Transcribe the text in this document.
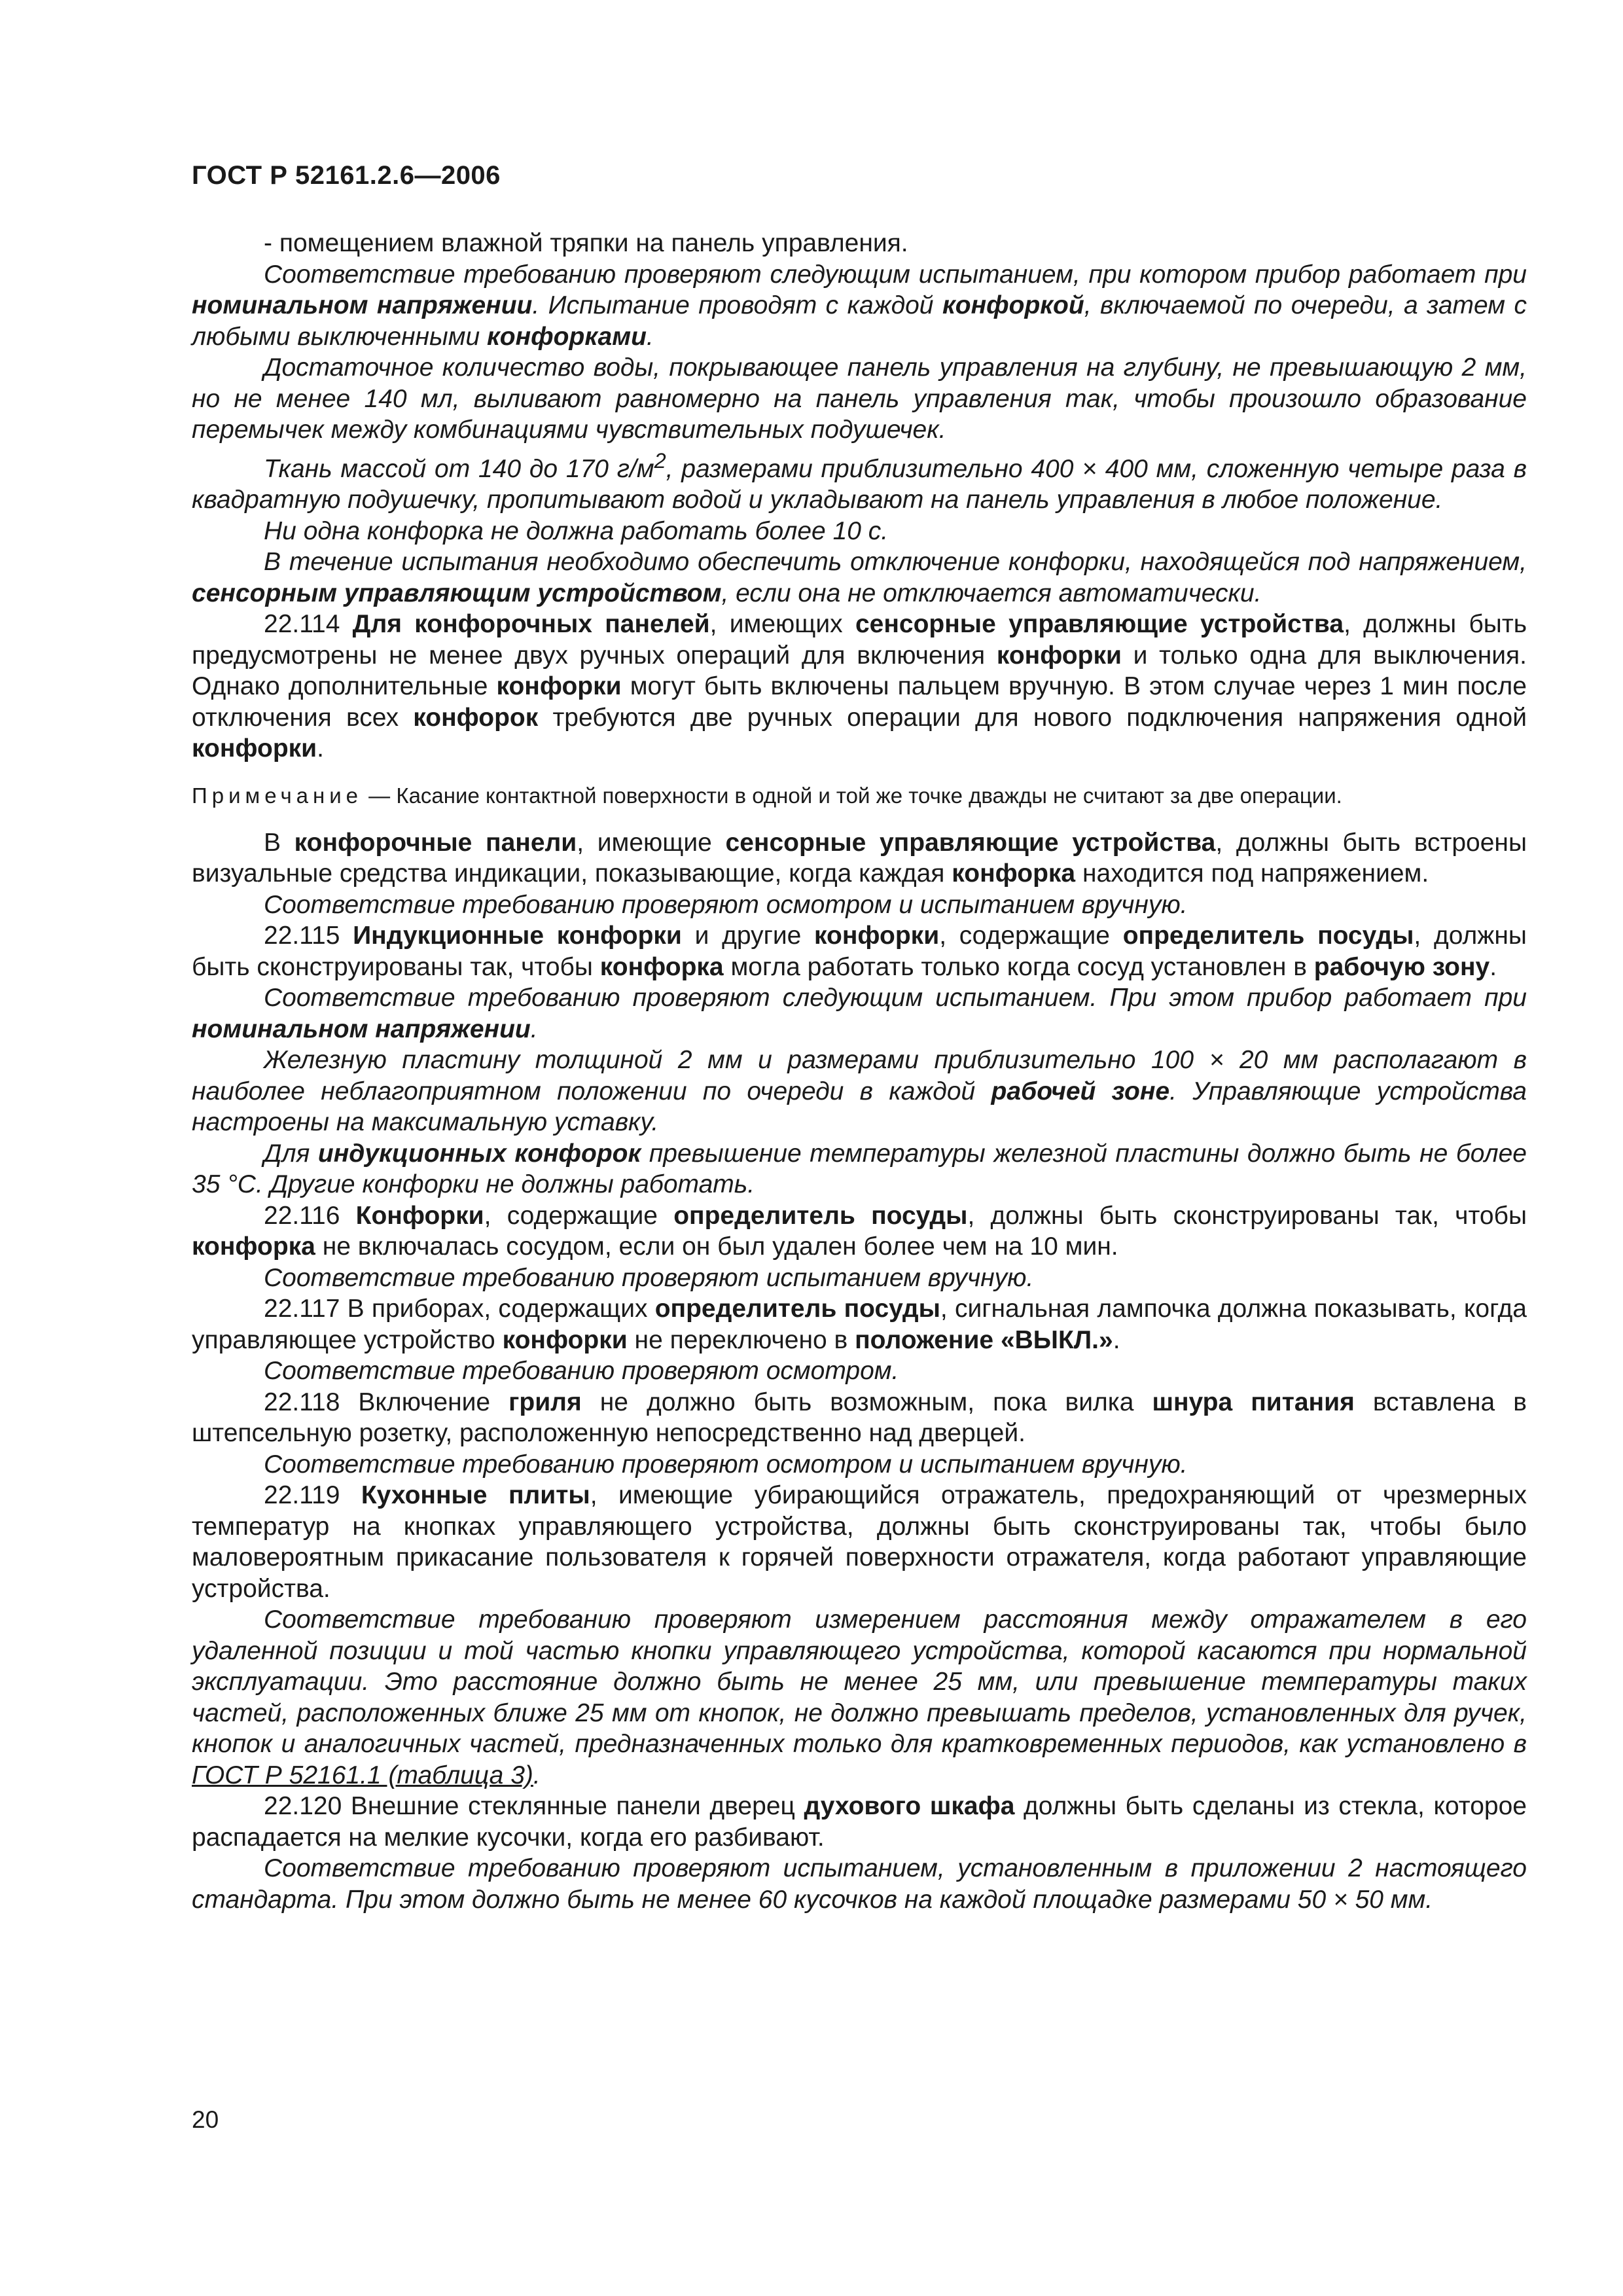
ГОСТ Р 52161.2.6—2006

- помещением влажной тряпки на панель управления.

Соответствие требованию проверяют следующим испытанием, при котором прибор работает при номинальном напряжении. Испытание проводят с каждой конфоркой, включаемой по очереди, а затем с любыми выключенными конфорками.

Достаточное количество воды, покрывающее панель управления на глубину, не превышающую 2 мм, но не менее 140 мл, выливают равномерно на панель управления так, чтобы произошло образование перемычек между комбинациями чувствительных подушечек.

Ткань массой от 140 до 170 $г/м^2$, размерами приблизительно 400 × 400 мм, сложенную четыре раза в квадратную подушечку, пропитывают водой и укладывают на панель управления в любое положение.

Ни одна конфорка не должна работать более 10 с.

В течение испытания необходимо обеспечить отключение конфорки, находящейся под напряжением, сенсорным управляющим устройством, если она не отключается автоматически.

22.114 Для конфорочных панелей, имеющих сенсорные управляющие устройства, должны быть предусмотрены не менее двух ручных операций для включения конфорки и только одна для выключения. Однако дополнительные конфорки могут быть включены пальцем вручную. В этом случае через 1 мин после отключения всех конфорок требуются две ручных операции для нового подключения напряжения одной конфорки.

Примечание — Касание контактной поверхности в одной и той же точке дважды не считают за две операции.

В конфорочные панели, имеющие сенсорные управляющие устройства, должны быть встроены визуальные средства индикации, показывающие, когда каждая конфорка находится под напряжением.

Соответствие требованию проверяют осмотром и испытанием вручную.

22.115 Индукционные конфорки и другие конфорки, содержащие определитель посуды, должны быть сконструированы так, чтобы конфорка могла работать только когда сосуд установлен в рабочую зону.

Соответствие требованию проверяют следующим испытанием. При этом прибор работает при номинальном напряжении.

Железную пластину толщиной 2 мм и размерами приблизительно 100 × 20 мм располагают в наиболее неблагоприятном положении по очереди в каждой рабочей зоне. Управляющие устройства настроены на максимальную уставку.

Для индукционных конфорок превышение температуры железной пластины должно быть не более 35 °С. Другие конфорки не должны работать.

22.116 Конфорки, содержащие определитель посуды, должны быть сконструированы так, чтобы конфорка не включалась сосудом, если он был удален более чем на 10 мин.

Соответствие требованию проверяют испытанием вручную.

22.117 В приборах, содержащих определитель посуды, сигнальная лампочка должна показывать, когда управляющее устройство конфорки не переключено в положение «ВЫКЛ.».

Соответствие требованию проверяют осмотром.

22.118 Включение гриля не должно быть возможным, пока вилка шнура питания вставлена в штепсельную розетку, расположенную непосредственно над дверцей.

Соответствие требованию проверяют осмотром и испытанием вручную.

22.119 Кухонные плиты, имеющие убирающийся отражатель, предохраняющий от чрезмерных температур на кнопках управляющего устройства, должны быть сконструированы так, чтобы было маловероятным прикасание пользователя к горячей поверхности отражателя, когда работают управляющие устройства.

Соответствие требованию проверяют измерением расстояния между отражателем в его удаленной позиции и той частью кнопки управляющего устройства, которой касаются при нормальной эксплуатации. Это расстояние должно быть не менее 25 мм, или превышение температуры таких частей, расположенных ближе 25 мм от кнопок, не должно превышать пределов, установленных для ручек, кнопок и аналогичных частей, предназначенных только для кратковременных периодов, как установлено в ГОСТ Р 52161.1 (таблица 3).

22.120 Внешние стеклянные панели дверец духового шкафа должны быть сделаны из стекла, которое распадается на мелкие кусочки, когда его разбивают.

Соответствие требованию проверяют испытанием, установленным в приложении 2 настоящего стандарта. При этом должно быть не менее 60 кусочков на каждой площадке размерами 50 × 50 мм.

20
